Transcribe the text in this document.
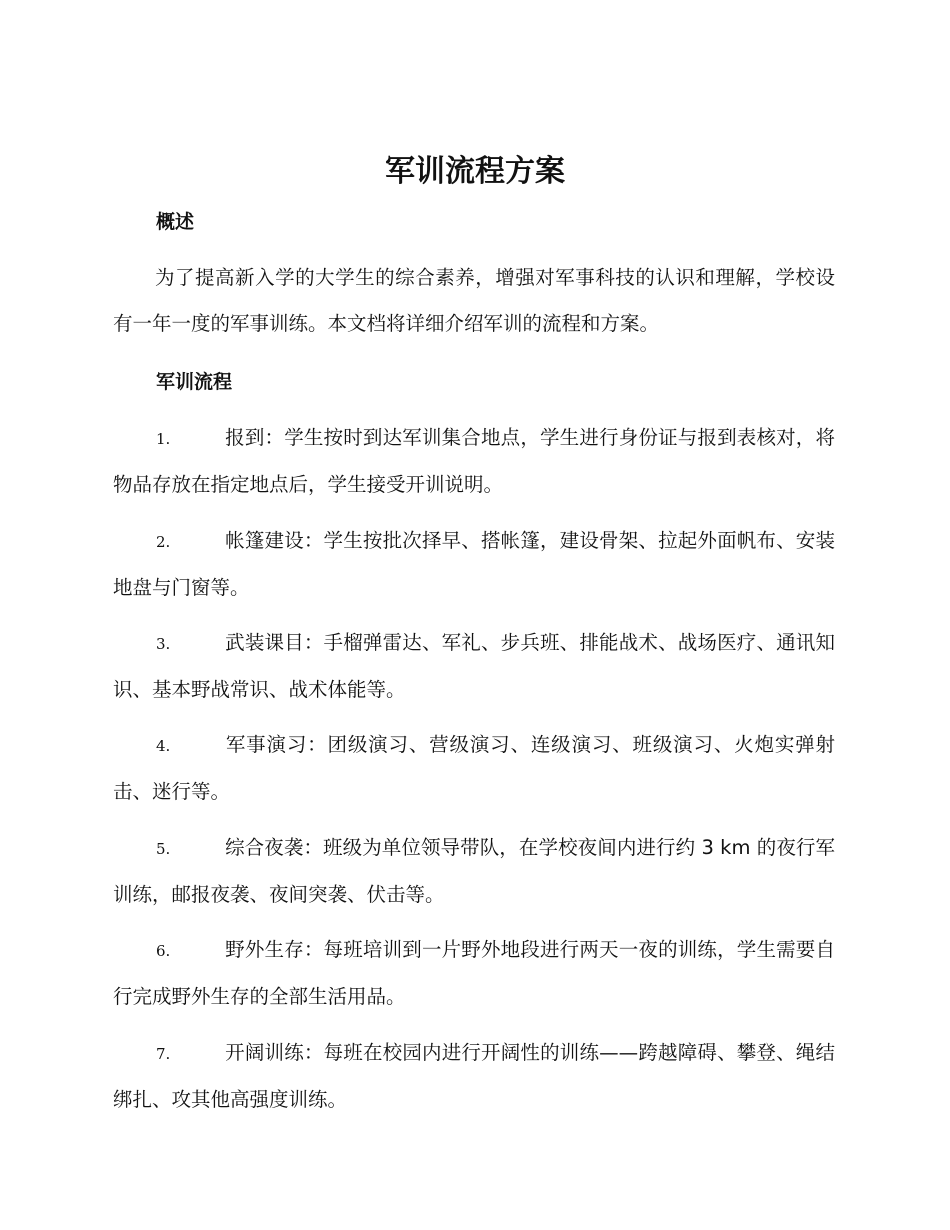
军训流程方案
概述

为了提高新入学的大学生的综合素养，增强对军事科技的认识和理解，学校设有一年一度的军事训练。本文档将详细介绍军训的流程和方案。

军训流程

1.	报到：学生按时到达军训集合地点，学生进行身份证与报到表核对，将物品存放在指定地点后，学生接受开训说明。

2.	帐篷建设：学生按批次择早、搭帐篷，建设骨架、拉起外面帆布、安装地盘与门窗等。

3.	武装课目：手榴弹雷达、军礼、步兵班、排能战术、战场医疗、通讯知识、基本野战常识、战术体能等。

4.	军事演习：团级演习、营级演习、连级演习、班级演习、火炮实弹射击、迷行等。

5.	综合夜袭：班级为单位领导带队，在学校夜间内进行约 3 km 的夜行军训练，邮报夜袭、夜间突袭、伏击等。

6.	野外生存：每班培训到一片野外地段进行两天一夜的训练，学生需要自行完成野外生存的全部生活用品。

7.	开阔训练：每班在校园内进行开阔性的训练——跨越障碍、攀登、绳结绑扎、攻其他高强度训练。
